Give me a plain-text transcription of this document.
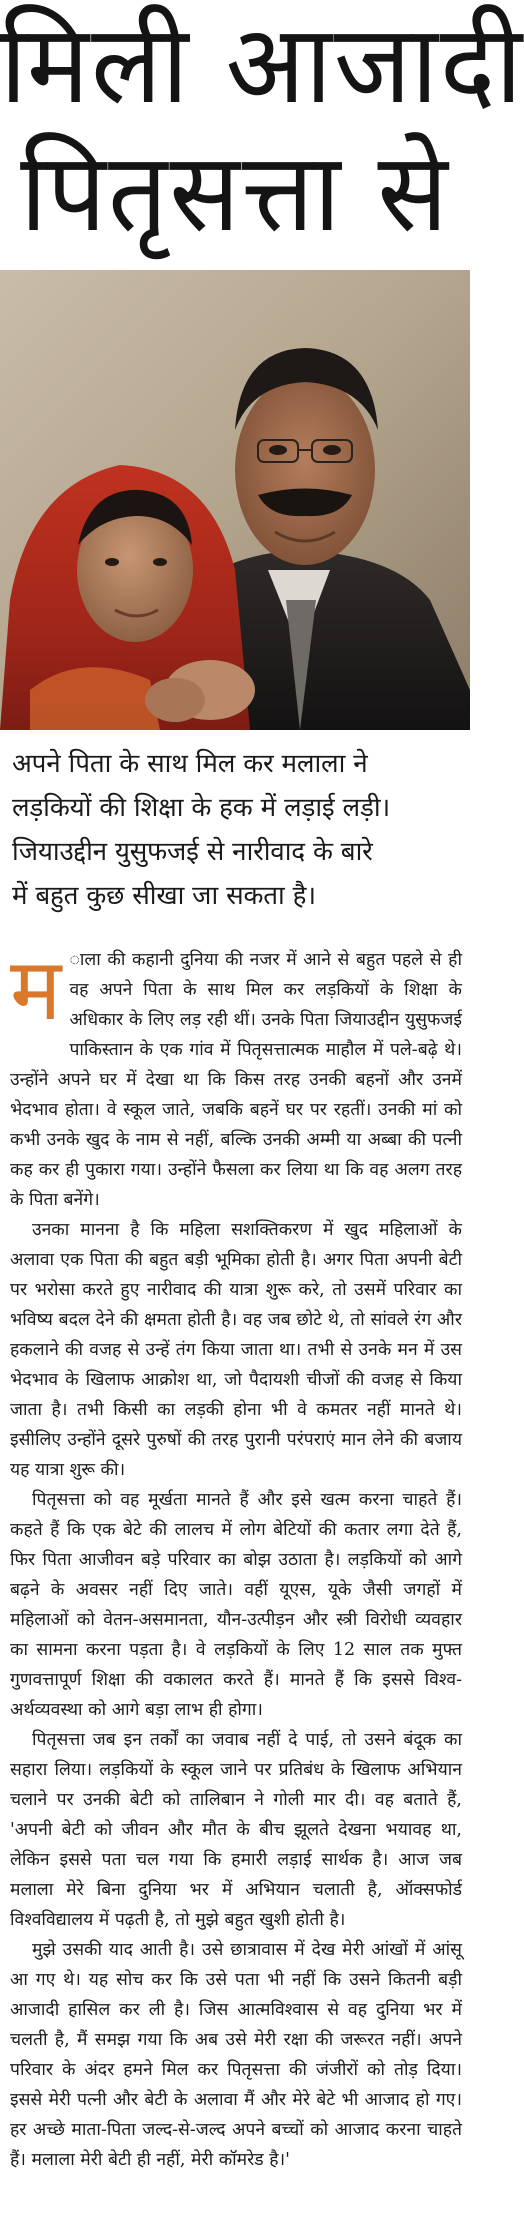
मिली आजादी
पितृसत्ता से
अपने पिता के साथ मिल कर मलाला ने
लड़कियों की शिक्षा के हक में लड़ाई लड़ी।
जियाउद्दीन युसुफजई से नारीवाद के बारे
में बहुत कुछ सीखा जा सकता है।

म ाला की कहानी दुनिया की नजर में आने से बहुत पहले से ही वह अपने पिता के साथ मिल कर लड़कियों के शिक्षा के अधिकार के लिए लड़ रही थीं। उनके पिता जियाउद्दीन युसुफजई पाकिस्तान के एक गांव में पितृसत्तात्मक माहौल में पले-बढ़े थे। उन्होंने अपने घर में देखा था कि किस तरह उनकी बहनों और उनमें भेदभाव होता। वे स्कूल जाते, जबकि बहनें घर पर रहतीं। उनकी मां को कभी उनके खुद के नाम से नहीं, बल्कि उनकी अम्मी या अब्बा की पत्नी कह कर ही पुकारा गया। उन्होंने फैसला कर लिया था कि वह अलग तरह के पिता बनेंगे।

उनका मानना है कि महिला सशक्तिकरण में खुद महिलाओं के अलावा एक पिता की बहुत बड़ी भूमिका होती है। अगर पिता अपनी बेटी पर भरोसा करते हुए नारीवाद की यात्रा शुरू करे, तो उसमें परिवार का भविष्य बदल देने की क्षमता होती है। वह जब छोटे थे, तो सांवले रंग और हकलाने की वजह से उन्हें तंग किया जाता था। तभी से उनके मन में उस भेदभाव के खिलाफ आक्रोश था, जो पैदायशी चीजों की वजह से किया जाता है। तभी किसी का लड़की होना भी वे कमतर नहीं मानते थे। इसीलिए उन्होंने दूसरे पुरुषों की तरह पुरानी परंपराएं मान लेने की बजाय यह यात्रा शुरू की।

पितृसत्ता को वह मूर्खता मानते हैं और इसे खत्म करना चाहते हैं। कहते हैं कि एक बेटे की लालच में लोग बेटियों की कतार लगा देते हैं, फिर पिता आजीवन बड़े परिवार का बोझ उठाता है। लड़कियों को आगे बढ़ने के अवसर नहीं दिए जाते। वहीं यूएस, यूके जैसी जगहों में महिलाओं को वेतन-असमानता, यौन-उत्पीड़न और स्त्री विरोधी व्यवहार का सामना करना पड़ता है। वे लड़कियों के लिए 12 साल तक मुफ्त गुणवत्तापूर्ण शिक्षा की वकालत करते हैं। मानते हैं कि इससे विश्व-अर्थव्यवस्था को आगे बड़ा लाभ ही होगा।

पितृसत्ता जब इन तर्कों का जवाब नहीं दे पाई, तो उसने बंदूक का सहारा लिया। लड़कियों के स्कूल जाने पर प्रतिबंध के खिलाफ अभियान चलाने पर उनकी बेटी को तालिबान ने गोली मार दी। वह बताते हैं, 'अपनी बेटी को जीवन और मौत के बीच झूलते देखना भयावह था, लेकिन इससे पता चल गया कि हमारी लड़ाई सार्थक है। आज जब मलाला मेरे बिना दुनिया भर में अभियान चलाती है, ऑक्सफोर्ड विश्वविद्यालय में पढ़ती है, तो मुझे बहुत खुशी होती है।

मुझे उसकी याद आती है। उसे छात्रावास में देख मेरी आंखों में आंसू आ गए थे। यह सोच कर कि उसे पता भी नहीं कि उसने कितनी बड़ी आजादी हासिल कर ली है। जिस आत्मविश्वास से वह दुनिया भर में चलती है, मैं समझ गया कि अब उसे मेरी रक्षा की जरूरत नहीं। अपने परिवार के अंदर हमने मिल कर पितृसत्ता की जंजीरों को तोड़ दिया। इससे मेरी पत्नी और बेटी के अलावा मैं और मेरे बेटे भी आजाद हो गए। हर अच्छे माता-पिता जल्द-से-जल्द अपने बच्चों को आजाद करना चाहते हैं। मलाला मेरी बेटी ही नहीं, मेरी कॉमरेड है।'
